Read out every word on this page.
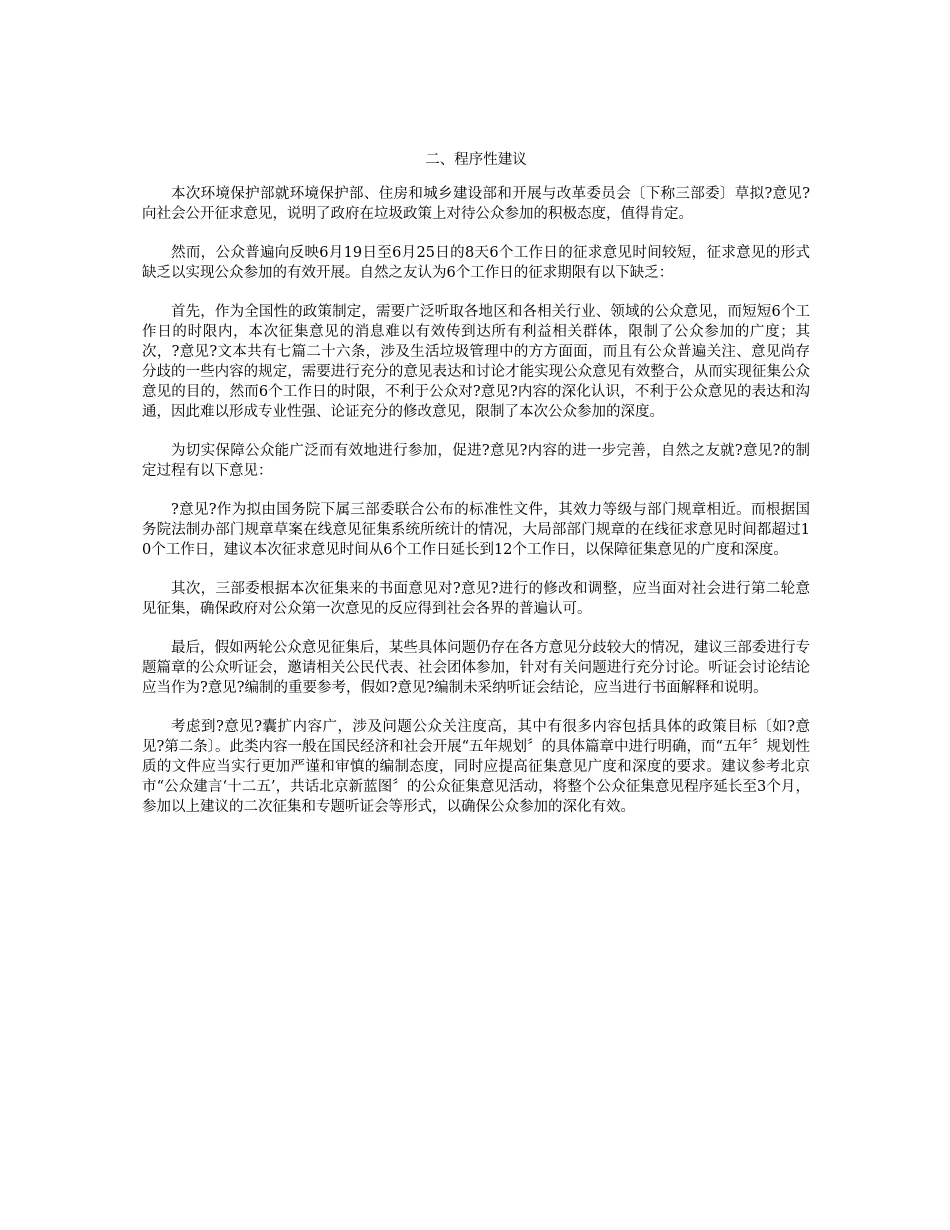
二、程序性建议

本次环境保护部就环境保护部、住房和城乡建设部和开展与改革委员会〔下称三部委〕草拟?意见?向社会公开征求意见，说明了政府在垃圾政策上对待公众参加的积极态度，值得肯定。

然而，公众普遍向反映6月19日至6月25日的8天6个工作日的征求意见时间较短，征求意见的形式缺乏以实现公众参加的有效开展。自然之友认为6个工作日的征求期限有以下缺乏：

首先，作为全国性的政策制定，需要广泛听取各地区和各相关行业、领域的公众意见，而短短6个工作日的时限内，本次征集意见的消息难以有效传到达所有利益相关群体，限制了公众参加的广度；其次，?意见?文本共有七篇二十六条，涉及生活垃圾管理中的方方面面，而且有公众普遍关注、意见尚存分歧的一些内容的规定，需要进行充分的意见表达和讨论才能实现公众意见有效整合，从而实现征集公众意见的目的，然而6个工作日的时限，不利于公众对?意见?内容的深化认识，不利于公众意见的表达和沟通，因此难以形成专业性强、论证充分的修改意见，限制了本次公众参加的深度。

为切实保障公众能广泛而有效地进行参加，促进?意见?内容的进一步完善，自然之友就?意见?的制定过程有以下意见：

?意见?作为拟由国务院下属三部委联合公布的标准性文件，其效力等级与部门规章相近。而根据国务院法制办部门规章草案在线意见征集系统所统计的情况，大局部部门规章的在线征求意见时间都超过10个工作日，建议本次征求意见时间从6个工作日延长到12个工作日，以保障征集意见的广度和深度。

其次，三部委根据本次征集来的书面意见对?意见?进行的修改和调整，应当面对社会进行第二轮意见征集，确保政府对公众第一次意见的反应得到社会各界的普遍认可。

最后，假如两轮公众意见征集后，某些具体问题仍存在各方意见分歧较大的情况，建议三部委进行专题篇章的公众听证会，邀请相关公民代表、社会团体参加，针对有关问题进行充分讨论。听证会讨论结论应当作为?意见?编制的重要参考，假如?意见?编制未采纳听证会结论，应当进行书面解释和说明。

考虑到?意见?囊扩内容广，涉及问题公众关注度高，其中有很多内容包括具体的政策目标〔如?意见?第二条〕。此类内容一般在国民经济和社会开展“五年规划〞的具体篇章中进行明确，而“五年〞规划性质的文件应当实行更加严谨和审慎的编制态度，同时应提高征集意见广度和深度的要求。建议参考北京市“公众建言‘十二五’，共话北京新蓝图〞的公众征集意见活动，将整个公众征集意见程序延长至3个月，参加以上建议的二次征集和专题听证会等形式，以确保公众参加的深化有效。
